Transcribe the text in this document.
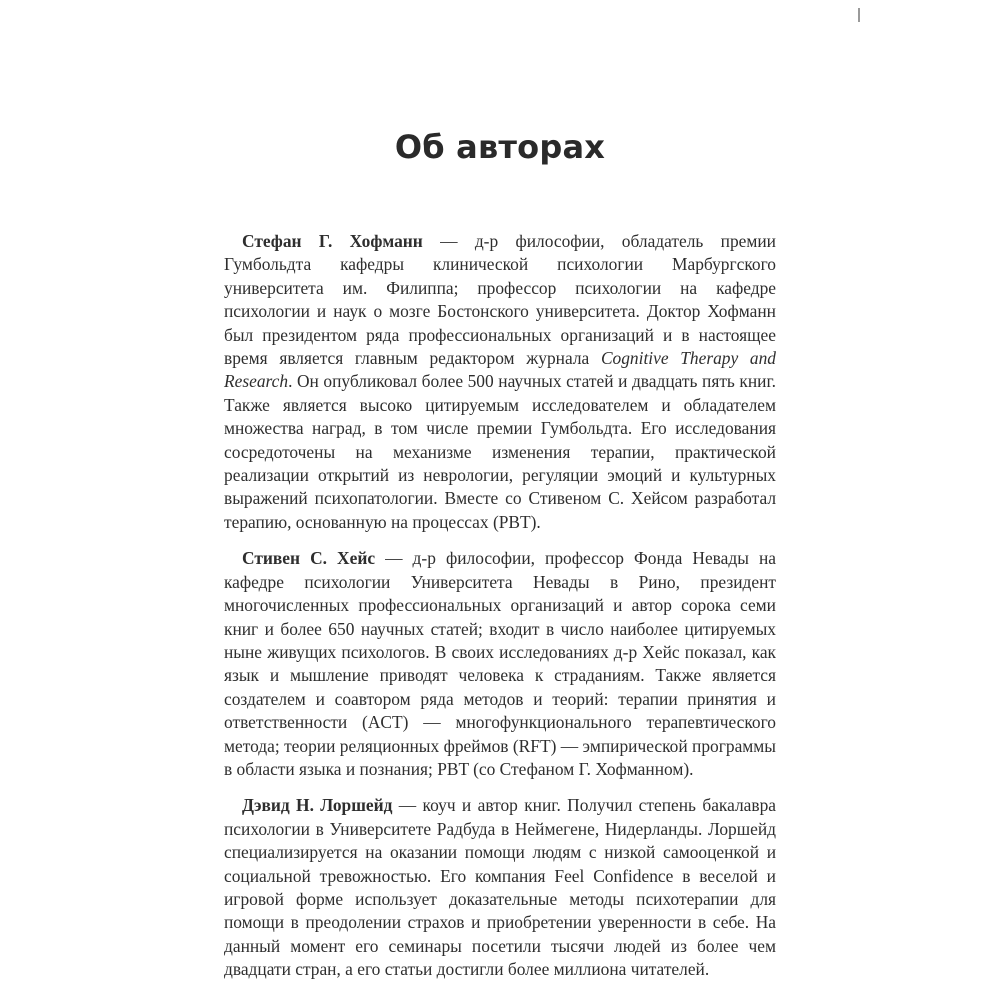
Об авторах

Стефан Г. Хофманн — д-р философии, обладатель премии Гумбольдта кафедры клинической психологии Марбургского университета им. Филиппа; профессор психологии на кафедре психологии и наук о мозге Бостонского университета. Доктор Хофманн был президентом ряда профессиональных организаций и в настоящее время является главным редактором журнала Cognitive Therapy and Research. Он опубликовал более 500 научных статей и двадцать пять книг. Также является высоко цитируемым исследователем и обладателем множества наград, в том числе премии Гумбольдта. Его исследования сосредоточены на механизме изменения терапии, практической реализации открытий из неврологии, регуляции эмоций и культурных выражений психопатологии. Вместе со Стивеном С. Хейсом разработал терапию, основанную на процессах (PBT).

Стивен С. Хейс — д-р философии, профессор Фонда Невады на кафедре психологии Университета Невады в Рино, президент многочисленных профессиональных организаций и автор сорока семи книг и более 650 научных статей; входит в число наиболее цитируемых ныне живущих психологов. В своих исследованиях д-р Хейс показал, как язык и мышление приводят человека к страданиям. Также является создателем и соавтором ряда методов и теорий: терапии принятия и ответственности (ACT) — многофункционального терапевтического метода; теории реляционных фреймов (RFT) — эмпирической программы в области языка и познания; PBT (со Стефаном Г. Хофманном).

Дэвид Н. Лоршейд — коуч и автор книг. Получил степень бакалавра психологии в Университете Радбуда в Неймегене, Нидерланды. Лоршейд специализируется на оказании помощи людям с низкой самооценкой и социальной тревожностью. Его компания Feel Confidence в веселой и игровой форме использует доказательные методы психотерапии для помощи в преодолении страхов и приобретении уверенности в себе. На данный момент его семинары посетили тысячи людей из более чем двадцати стран, а его статьи достигли более миллиона читателей.
